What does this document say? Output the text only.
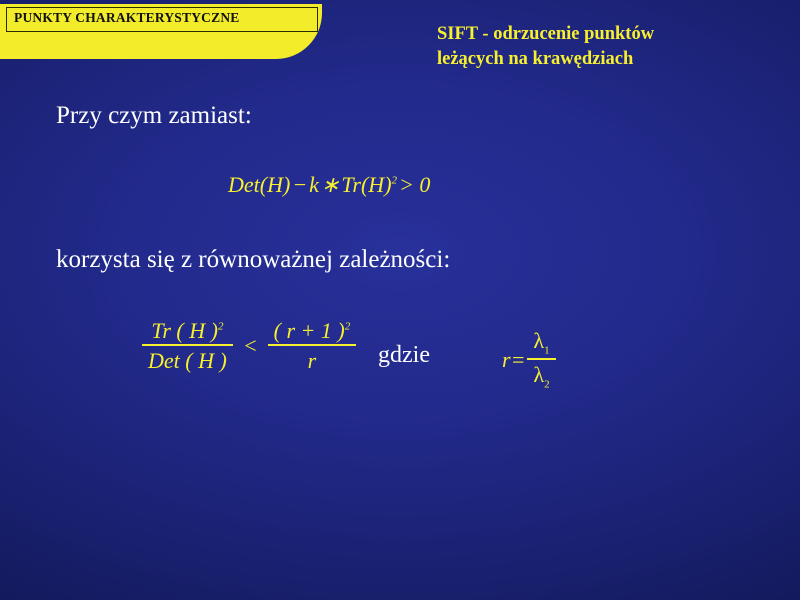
PUNKTY CHARAKTERYSTYCZNE
SIFT - odrzucenie punktów
leżących na krawędziach
Przy czym zamiast:
$Det(H)-k∗Tr(H)^2> 0$
korzysta się z równoważnej zależności:
$\frac{Tr ( H )^2}{\text{Det ( H )}} < \frac{( r + 1 )^2}{r}$ gdzie	$r = \frac{\lambda_1}{\lambda_2}$
